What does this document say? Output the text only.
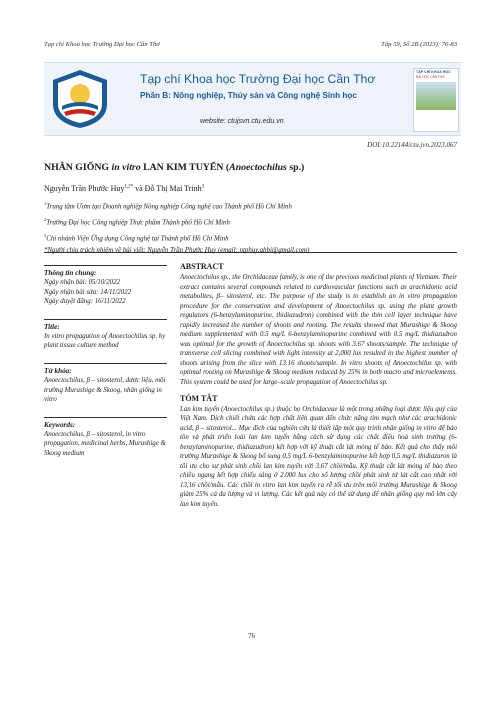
Tạp chí Khoa học Trường Đại học Cần Thơ	Tập 59, Số 2B (2023): 76-83
Tạp chí Khoa học Trường Đại học Cần Thơ
Phần B: Nông nghiệp, Thủy sản và Công nghệ Sinh học
website: ctujsvn.ctu.edu.vn
TẠP CHÍ KHOA HỌC
ĐẠI HỌC CẦN THƠ
DOI:10.22144/ctu.jvn.2023.067
NHÂN GIỐNG in vitro LAN KIM TUYẾN (Anoectochilus sp.)
Nguyễn Trần Phước Huy$^{1,2*}$ và Đỗ Thị Mai Trinh$^3$
$^1$Trung tâm Ươm tạo Doanh nghiệp Nông nghiệp Công nghệ cao Thành phố Hồ Chí Minh
$^2$Trường Đại học Công nghiệp Thực phẩm Thành phố Hồ Chí Minh
$^3$Chi nhánh Viện Ứng dụng Công nghệ tại Thành phố Hồ Chí Minh
*Người chịu trách nhiệm về bài viết: Nguyễn Trần Phước Huy (email: ntphuy.ahbi@gmail.com)
Thông tin chung:

Ngày nhận bài: 05/10/2022

Ngày nhận bài sửa: 14/11/2022

Ngày duyệt đăng: 16/11/2022

Title:

In vitro propagation of Anoectochilus sp. by plant tissue culture method

Từ khóa:

Anoectochilus, β – sitosterol, dược liệu, môi trường Murashige & Skoog, nhân giống in vitro

Keywords:

Anoectochilus, β – sitosterol, in vitro propagation, medicinal herbs, Murashige & Skoog medium

ABSTRACT

Anoectochilus sp., the Orchidaceae family, is one of the precious medicinal plants of Vietnam. Their extract contains several compounds related to cardiovascular functions such as arachidonic acid metabolites, β– sitosterol, etc. The purpose of the study is to establish an in vitro propagation procedure for the conservation and development of Anoectochilus sp. using the plant growth regulators (6-benzylaminopurine, thidiazudron) combined with the thin cell layer technique have rapidly increased the number of shoots and rooting. The results showed that Murashige & Skoog medium supplemented with 0.5 mg/L 6-benzylaminopurine combined with 0.5 mg/L thidiazudron was optimal for the growth of Anoectochilus sp. shoots with 3.67 shoots/sample. The technique of transverse cell slicing combined with light intensity at 2,000 lux resulted in the highest number of shoots arising from the slice with 13.16 shoots/sample. In vitro shoots of Anoectochilus sp. with optimal rooting on Murashige & Skoog medium reduced by 25% in both macro and microelements. This system could be used for large–scale propagation of Anoectochilus sp.

TÓM TẮT

Lan kim tuyến (Anoectochilus sp.) thuộc họ Orchidaceae là một trong những loại dược liệu quý của Việt Nam. Dịch chiết chứa các hợp chất liên quan đến chức năng tim mạch như các arachidonic acid, β – sitosterol... Mục đích của nghiên cứu là thiết lập một quy trình nhân giống in vitro để bảo tồn và phát triển loài lan kim tuyến bằng cách sử dụng các chất điều hoà sinh trưởng (6-benzylaminopurine, thidiazudron) kết hợp với kỹ thuật cắt lát mỏng tế bào. Kết quả cho thấy môi trường Murashige & Skoog bổ sung 0,5 mg/L 6-benzylaminopurine kết hợp 0,5 mg/L thidiazuron là tối ưu cho sự phát sinh chồi lan kim tuyến với 3,67 chồi/mẫu. Kỹ thuật cắt lát mỏng tế bào theo chiều ngang kết hợp chiếu sáng ở 2.000 lux cho số lượng chồi phát sinh từ lát cắt cao nhất với 13,16 chồi/mẫu. Các chồi in vitro lan kim tuyến ra rễ tối ưu trên môi trường Murashige & Skoog giảm 25% cả đa lượng và vi lượng. Các kết quả này có thể sử dụng để nhân giống quy mô lớn cây lan kim tuyến.

76
